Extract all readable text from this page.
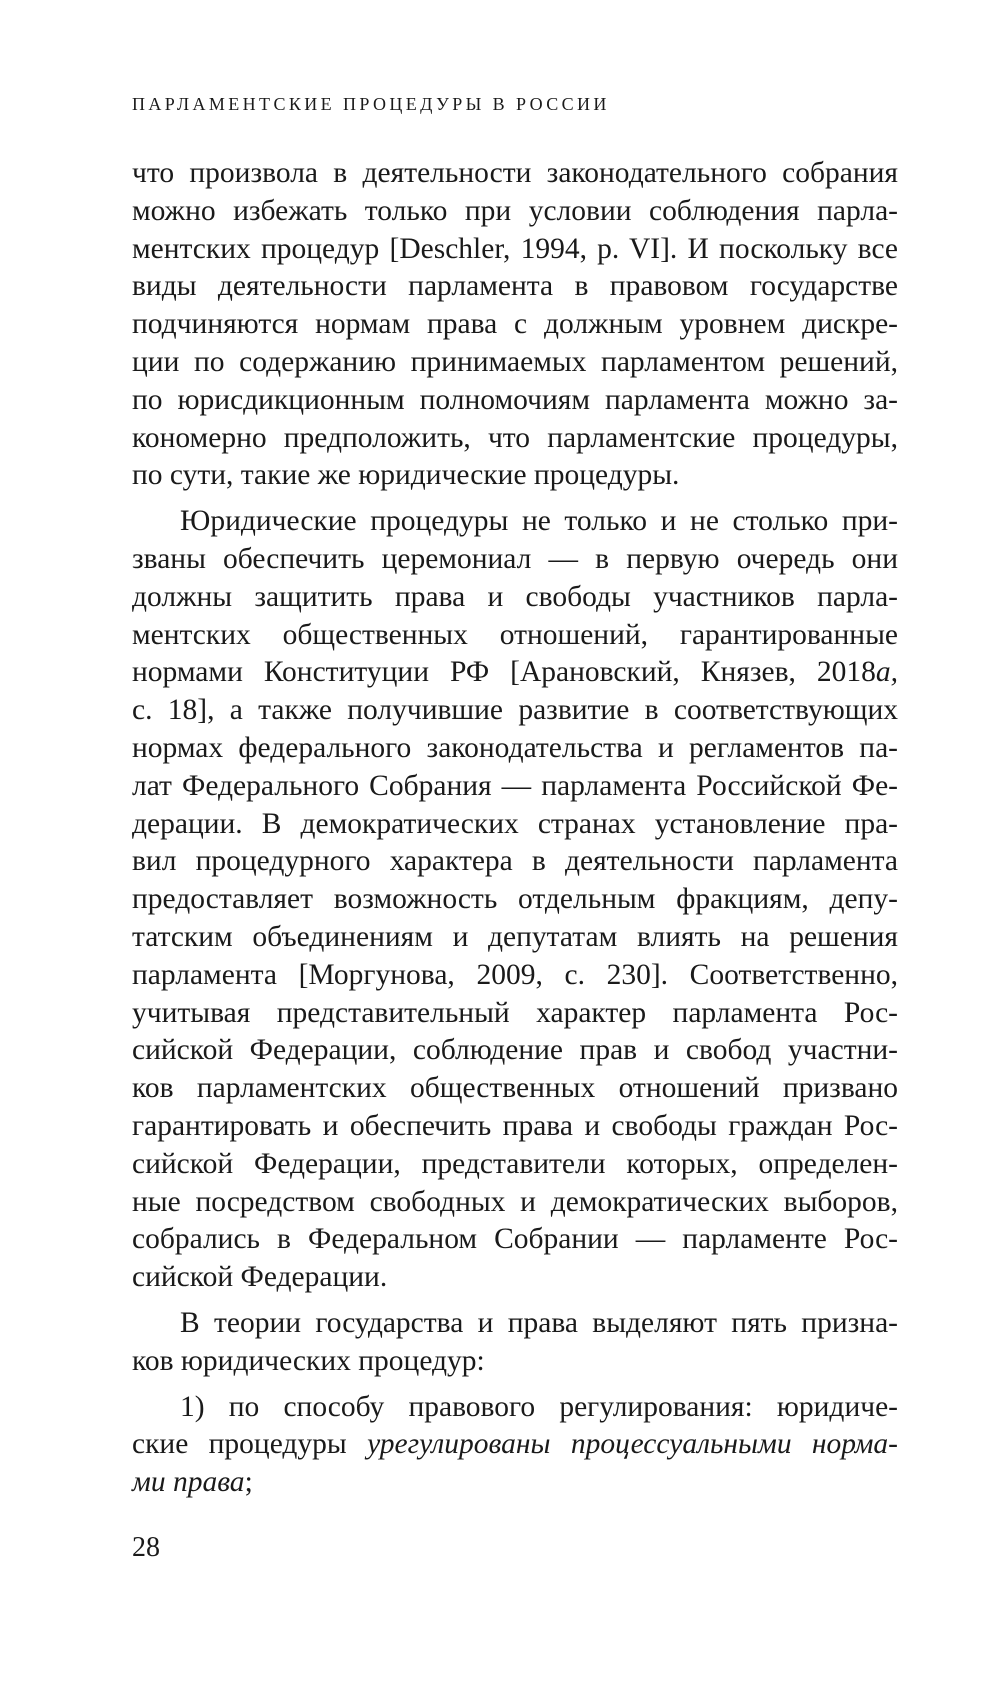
ПАРЛАМЕНТСКИЕ ПРОЦЕДУРЫ В РОССИИ
что произвола в деятельности законодательного собрания
можно избежать только при условии соблюдения парла-
ментских процедур [Deschler, 1994, p. VI]. И поскольку все
виды деятельности парламента в правовом государстве
подчиняются нормам права с должным уровнем дискре-
ции по содержанию принимаемых парламентом решений,
по юрисдикционным полномочиям парламента можно за-
кономерно предположить, что парламентские процедуры,
по сути, такие же юридические процедуры.
Юридические процедуры не только и не столько при-
званы обеспечить церемониал — в первую очередь они
должны защитить права и свободы участников парла-
ментских общественных отношений, гарантированные
нормами Конституции РФ [Арановский, Князев, 2018a,
с. 18], а также получившие развитие в соответствующих
нормах федерального законодательства и регламентов па-
лат Федерального Собрания — парламента Российской Фе-
дерации. В демократических странах установление пра-
вил процедурного характера в деятельности парламента
предоставляет возможность отдельным фракциям, депу-
татским объединениям и депутатам влиять на решения
парламента [Моргунова, 2009, с. 230]. Соответственно,
учитывая представительный характер парламента Рос-
сийской Федерации, соблюдение прав и свобод участни-
ков парламентских общественных отношений призвано
гарантировать и обеспечить права и свободы граждан Рос-
сийской Федерации, представители которых, определен-
ные посредством свободных и демократических выборов,
собрались в Федеральном Собрании — парламенте Рос-
сийской Федерации.
В теории государства и права выделяют пять призна-
ков юридических процедур:
1) по способу правового регулирования: юридиче-
ские процедуры урегулированы процессуальными норма-
ми права;
28
